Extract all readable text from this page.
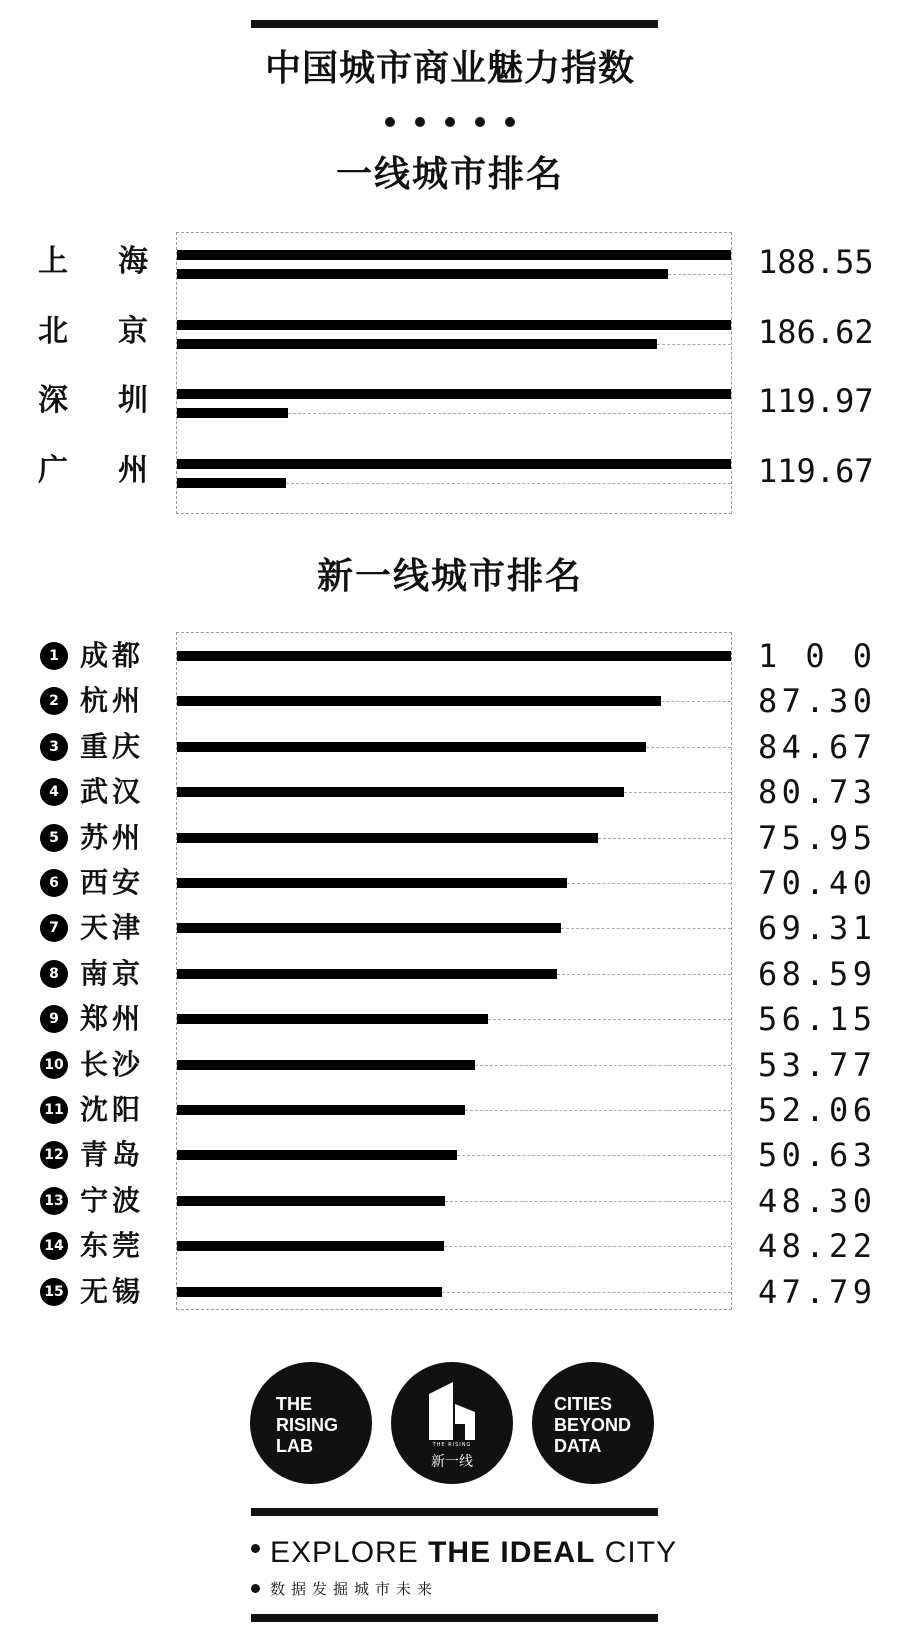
中国城市商业魅力指数
一线城市排名
上 海	1 8 8 . 5 5
北 京	1 8 6 . 6 2
深 圳	1 1 9 . 9 7
广 州	1 1 9 . 6 7
新一线城市排名
1 成都	1 0 0
2 杭州	8 7 . 3 0
3 重庆	8 4 . 6 7
4 武汉	8 0 . 7 3
5 苏州	7 5 . 9 5
6 西安	7 0 . 4 0
7 天津	6 9 . 3 1
8 南京	6 8 . 5 9
9 郑州	5 6 . 1 5
10 长沙	5 3 . 7 7
11 沈阳	5 2 . 0 6
12 青岛	5 0 . 6 3
13 宁波	4 8 . 3 0
14 东莞	4 8 . 2 2
15 无锡	4 7 . 7 9
THE
RISING
LAB	THE RISING
新一线
CITIES
BEYOND
DATA
EXPLORE THE IDEAL CITY
数据发掘城市未来
